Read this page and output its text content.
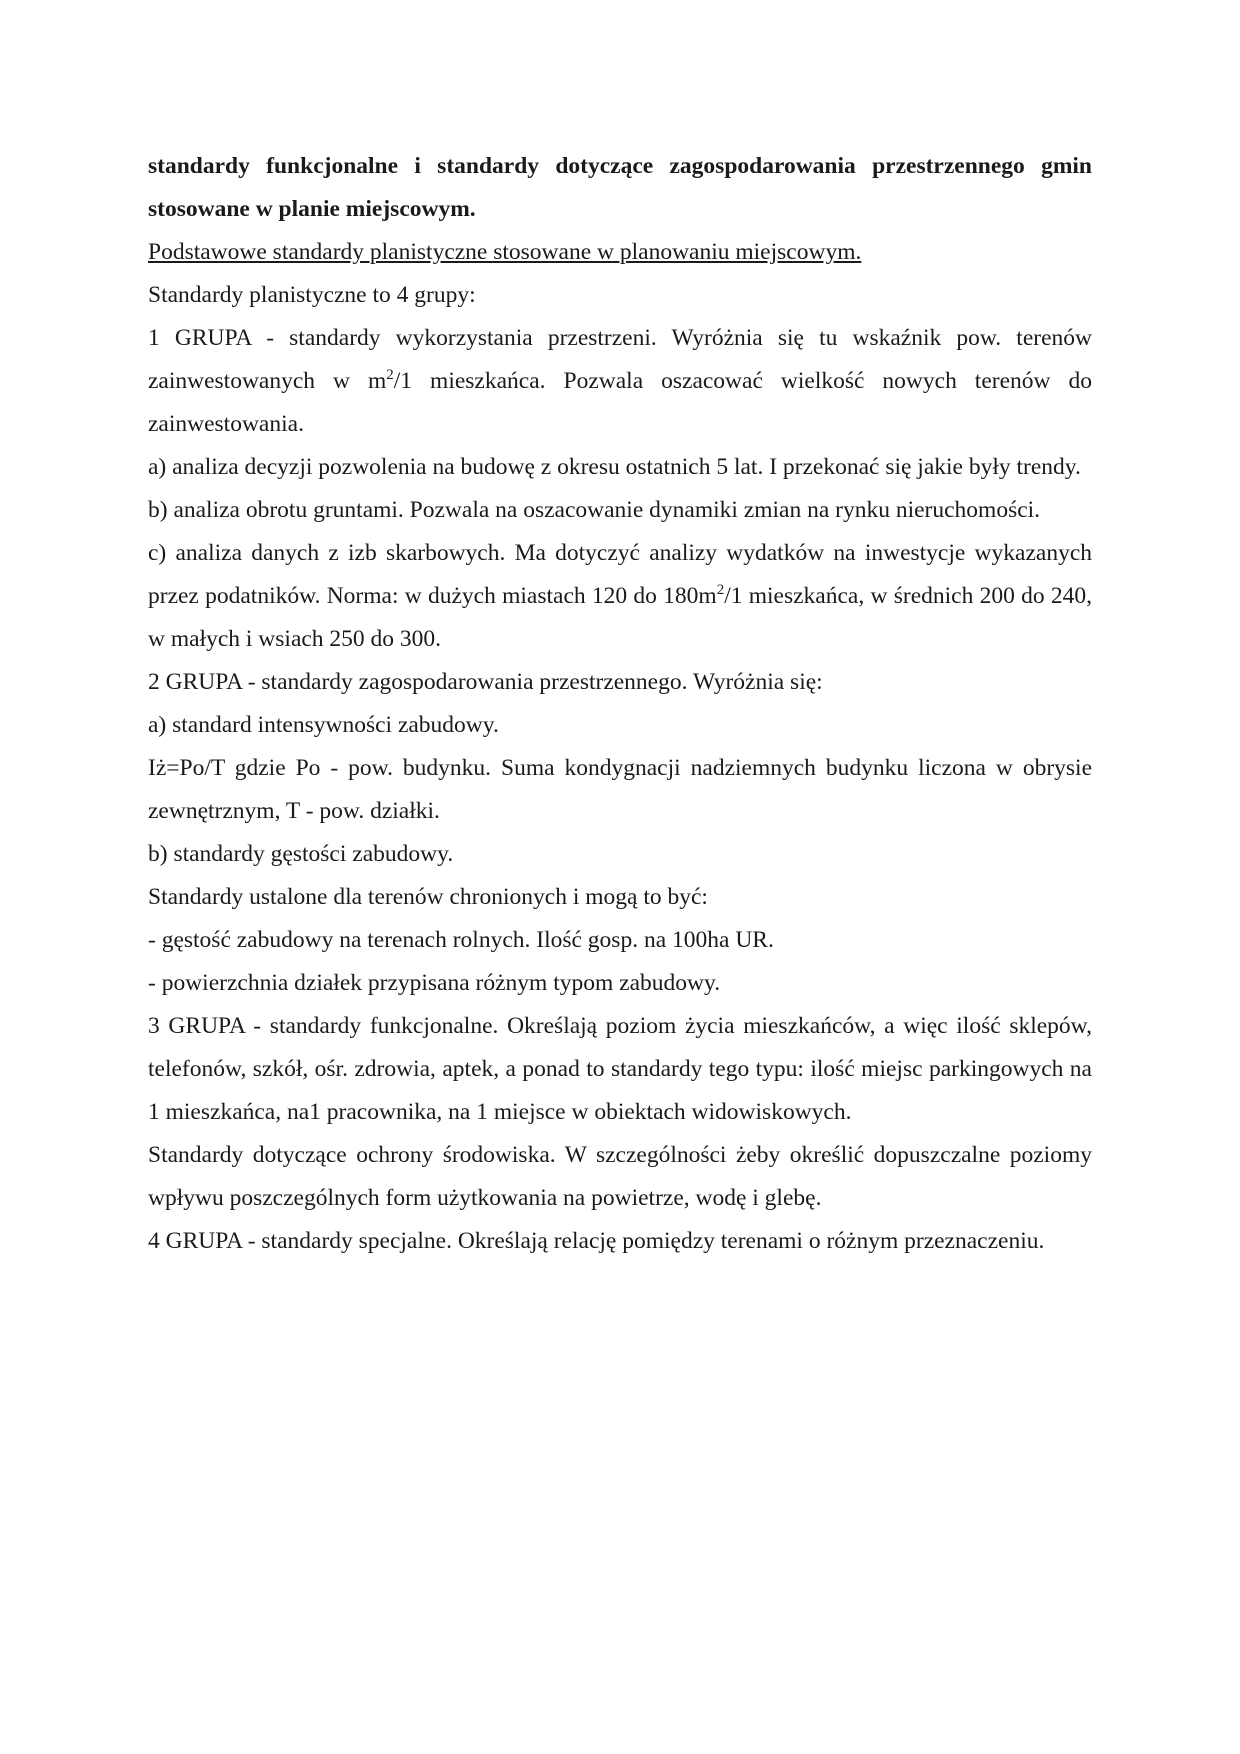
standardy funkcjonalne i standardy dotyczące zagospodarowania przestrzennego gmin stosowane w planie miejscowym.

Podstawowe standardy planistyczne stosowane w planowaniu miejscowym.

Standardy planistyczne to 4 grupy:

1 GRUPA - standardy wykorzystania przestrzeni. Wyróżnia się tu wskaźnik pow. terenów zainwestowanych w $m^2/1$ mieszkańca. Pozwala oszacować wielkość nowych terenów do zainwestowania.

a) analiza decyzji pozwolenia na budowę z okresu ostatnich 5 lat. I przekonać się jakie były trendy.

b) analiza obrotu gruntami. Pozwala na oszacowanie dynamiki zmian na rynku nieruchomości.

c) analiza danych z izb skarbowych. Ma dotyczyć analizy wydatków na inwestycje wykazanych przez podatników. Norma: w dużych miastach 120 do $180m^2/1$ mieszkańca, w średnich 200 do 240, w małych i wsiach 250 do 300.

2 GRUPA - standardy zagospodarowania przestrzennego. Wyróżnia się:

a) standard intensywności zabudowy.

Iż=Po/T gdzie Po - pow. budynku. Suma kondygnacji nadziemnych budynku liczona w obrysie zewnętrznym, T - pow. działki.

b) standardy gęstości zabudowy.

Standardy ustalone dla terenów chronionych i mogą to być:

- gęstość zabudowy na terenach rolnych. Ilość gosp. na 100ha UR.

- powierzchnia działek przypisana różnym typom zabudowy.

3 GRUPA - standardy funkcjonalne. Określają poziom życia mieszkańców, a więc ilość sklepów, telefonów, szkół, ośr. zdrowia, aptek, a ponad to standardy tego typu: ilość miejsc parkingowych na 1 mieszkańca, na1 pracownika, na 1 miejsce w obiektach widowiskowych.

Standardy dotyczące ochrony środowiska. W szczególności żeby określić dopuszczalne poziomy wpływu poszczególnych form użytkowania na powietrze, wodę i glebę.

4 GRUPA - standardy specjalne. Określają relację pomiędzy terenami o różnym przeznaczeniu.
